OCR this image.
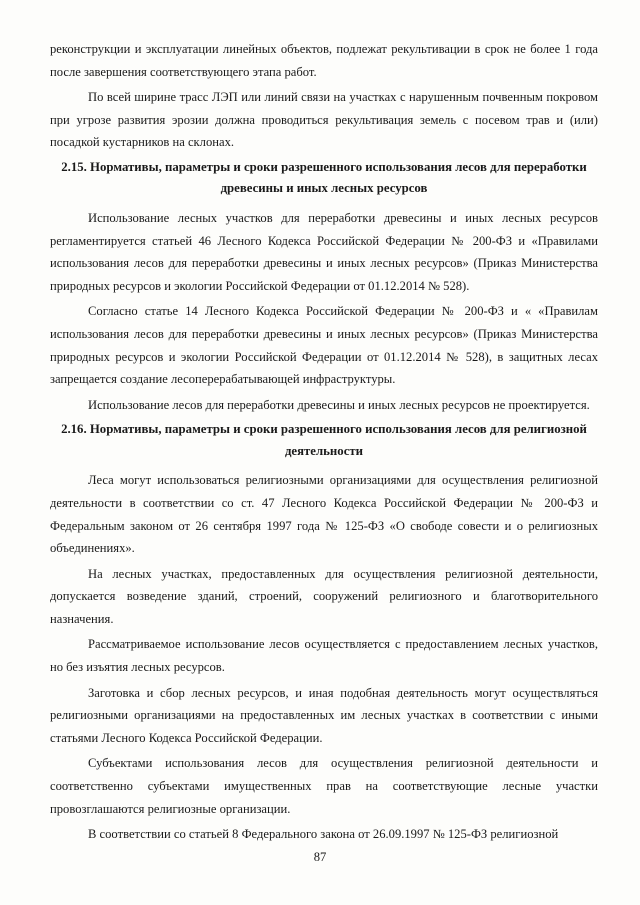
реконструкции и эксплуатации линейных объектов, подлежат рекультивации в срок не более 1 года после завершения соответствующего этапа работ.

По всей ширине трасс ЛЭП или линий связи на участках с нарушенным почвенным покровом при угрозе развития эрозии должна проводиться рекультивация земель с посевом трав и (или) посадкой кустарников на склонах.

2.15. Нормативы, параметры и сроки разрешенного использования лесов для переработки древесины и иных лесных ресурсов

Использование лесных участков для переработки древесины и иных лесных ресурсов регламентируется статьей 46 Лесного Кодекса Российской Федерации № 200-ФЗ и «Правилами использования лесов для переработки древесины и иных лесных ресурсов» (Приказ Министерства природных ресурсов и экологии Российской Федерации от 01.12.2014 № 528).

Согласно статье 14 Лесного Кодекса Российской Федерации № 200-ФЗ и « «Правилам использования лесов для переработки древесины и иных лесных ресурсов» (Приказ Министерства природных ресурсов и экологии Российской Федерации от 01.12.2014 № 528), в защитных лесах запрещается создание лесоперерабатывающей инфраструктуры.

Использование лесов для переработки древесины и иных лесных ресурсов не проектируется.

2.16. Нормативы, параметры и сроки разрешенного использования лесов для религиозной деятельности

Леса могут использоваться религиозными организациями для осуществления религиозной деятельности в соответствии со ст. 47 Лесного Кодекса Российской Федерации № 200-ФЗ и Федеральным законом от 26 сентября 1997 года № 125-ФЗ «О свободе совести и о религиозных объединениях».

На лесных участках, предоставленных для осуществления религиозной деятельности, допускается возведение зданий, строений, сооружений религиозного и благотворительного назначения.

Рассматриваемое использование лесов осуществляется с предоставлением лесных участков, но без изъятия лесных ресурсов.

Заготовка и сбор лесных ресурсов, и иная подобная деятельность могут осуществляться религиозными организациями на предоставленных им лесных участках в соответствии с иными статьями Лесного Кодекса Российской Федерации.

Субъектами использования лесов для осуществления религиозной деятельности и соответственно субъектами имущественных прав на соответствующие лесные участки провозглашаются религиозные организации.

В соответствии со статьей 8 Федерального закона от 26.09.1997 № 125-ФЗ религиозной

87
